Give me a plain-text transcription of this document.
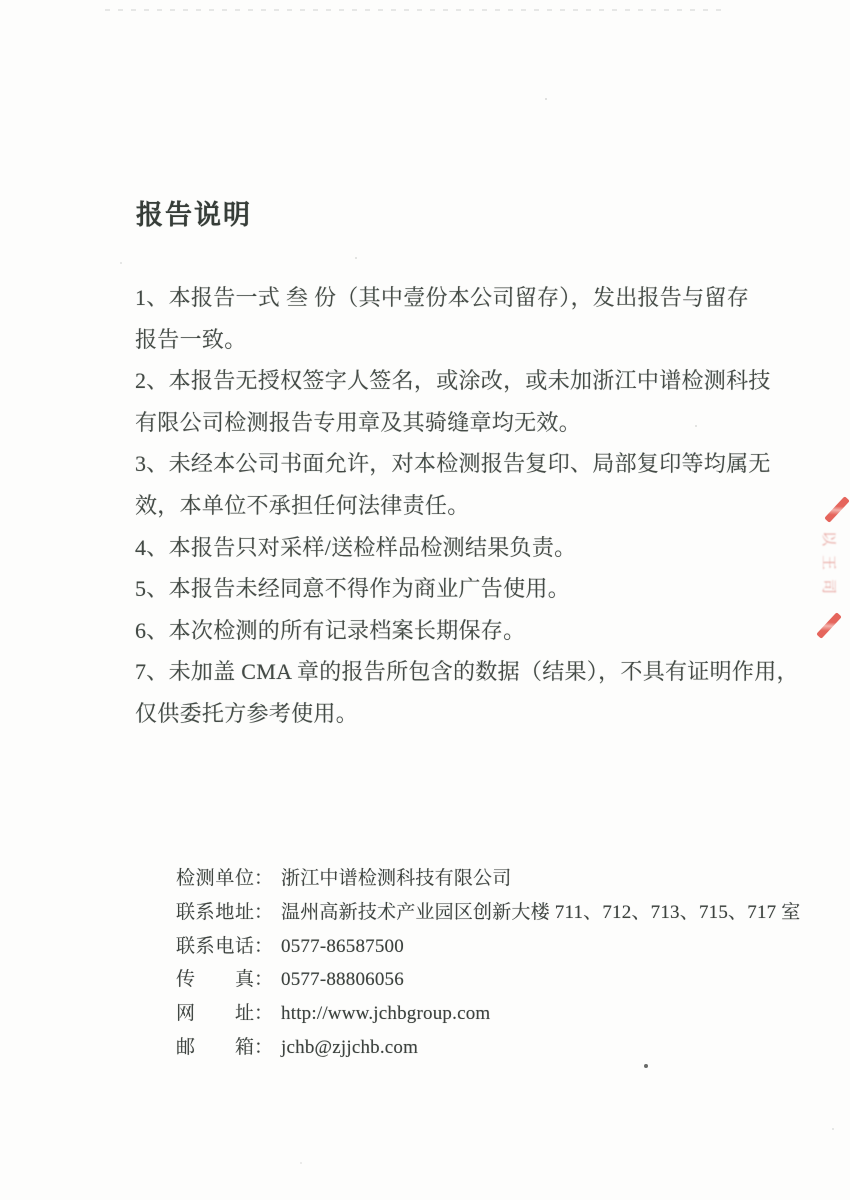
报告说明
1、本报告一式 叁 份（其中壹份本公司留存），发出报告与留存
报告一致。
2、本报告无授权签字人签名，或涂改，或未加浙江中谱检测科技
有限公司检测报告专用章及其骑缝章均无效。
3、未经本公司书面允许，对本检测报告复印、局部复印等均属无
效，本单位不承担任何法律责任。
4、本报告只对采样/送检样品检测结果负责。
5、本报告未经同意不得作为商业广告使用。
6、本次检测的所有记录档案长期保存。
7、未加盖 CMA 章的报告所包含的数据（结果），不具有证明作用，
仅供委托方参考使用。
检测单位： 浙江中谱检测科技有限公司
联系地址： 温州高新技术产业园区创新大楼 711、712、713、715、717 室
联系电话： 0577-86587500
传真： 0577-88806056
网址： http://www.jchbgroup.com
邮箱： jchb@zjjchb.com
以王司
